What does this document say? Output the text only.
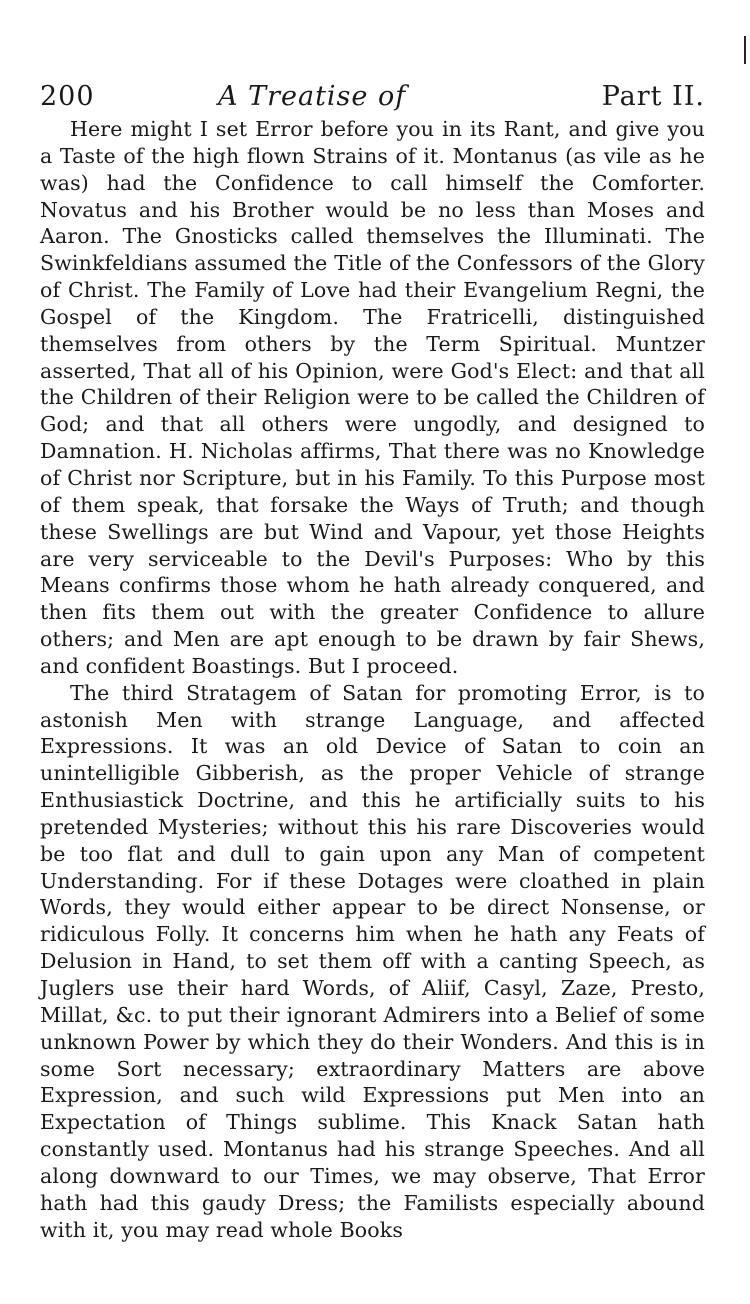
200	A Treatise of	Part II.

Here might I set Error before you in its Rant, and give you a Taste of the high flown Strains of it. Montanus (as vile as he was) had the Confidence to call himself the Comforter. Novatus and his Brother would be no less than Moses and Aaron. The Gnosticks called themselves the Illuminati. The Swinkfeldians assumed the Title of the Confessors of the Glory of Christ. The Family of Love had their Evangelium Regni, the Gospel of the Kingdom. The Fratricelli, distinguished themselves from others by the Term Spiritual. Muntzer asserted, That all of his Opinion, were God's Elect: and that all the Children of their Religion were to be called the Children of God; and that all others were ungodly, and designed to Damnation. H. Nicholas affirms, That there was no Knowledge of Christ nor Scripture, but in his Family. To this Purpose most of them speak, that forsake the Ways of Truth; and though these Swellings are but Wind and Vapour, yet those Heights are very serviceable to the Devil's Purposes: Who by this Means confirms those whom he hath already conquered, and then fits them out with the greater Confidence to allure others; and Men are apt enough to be drawn by fair Shews, and confident Boastings. But I proceed.

The third Stratagem of Satan for promoting Error, is to astonish Men with strange Language, and affected Expressions. It was an old Device of Satan to coin an unintelligible Gibberish, as the proper Vehicle of strange Enthusiastick Doctrine, and this he artificially suits to his pretended Mysteries; without this his rare Discoveries would be too flat and dull to gain upon any Man of competent Understanding. For if these Dotages were cloathed in plain Words, they would either appear to be direct Nonsense, or ridiculous Folly. It concerns him when he hath any Feats of Delusion in Hand, to set them off with a canting Speech, as Juglers use their hard Words, of Aliif, Casyl, Zaze, Presto, Millat, &c. to put their ignorant Admirers into a Belief of some unknown Power by which they do their Wonders. And this is in some Sort necessary; extraordinary Matters are above Expression, and such wild Expressions put Men into an Expectation of Things sublime. This Knack Satan hath constantly used. Montanus had his strange Speeches. And all along downward to our Times, we may observe, That Error hath had this gaudy Dress; the Familists especially abound with it, you may read whole Books
